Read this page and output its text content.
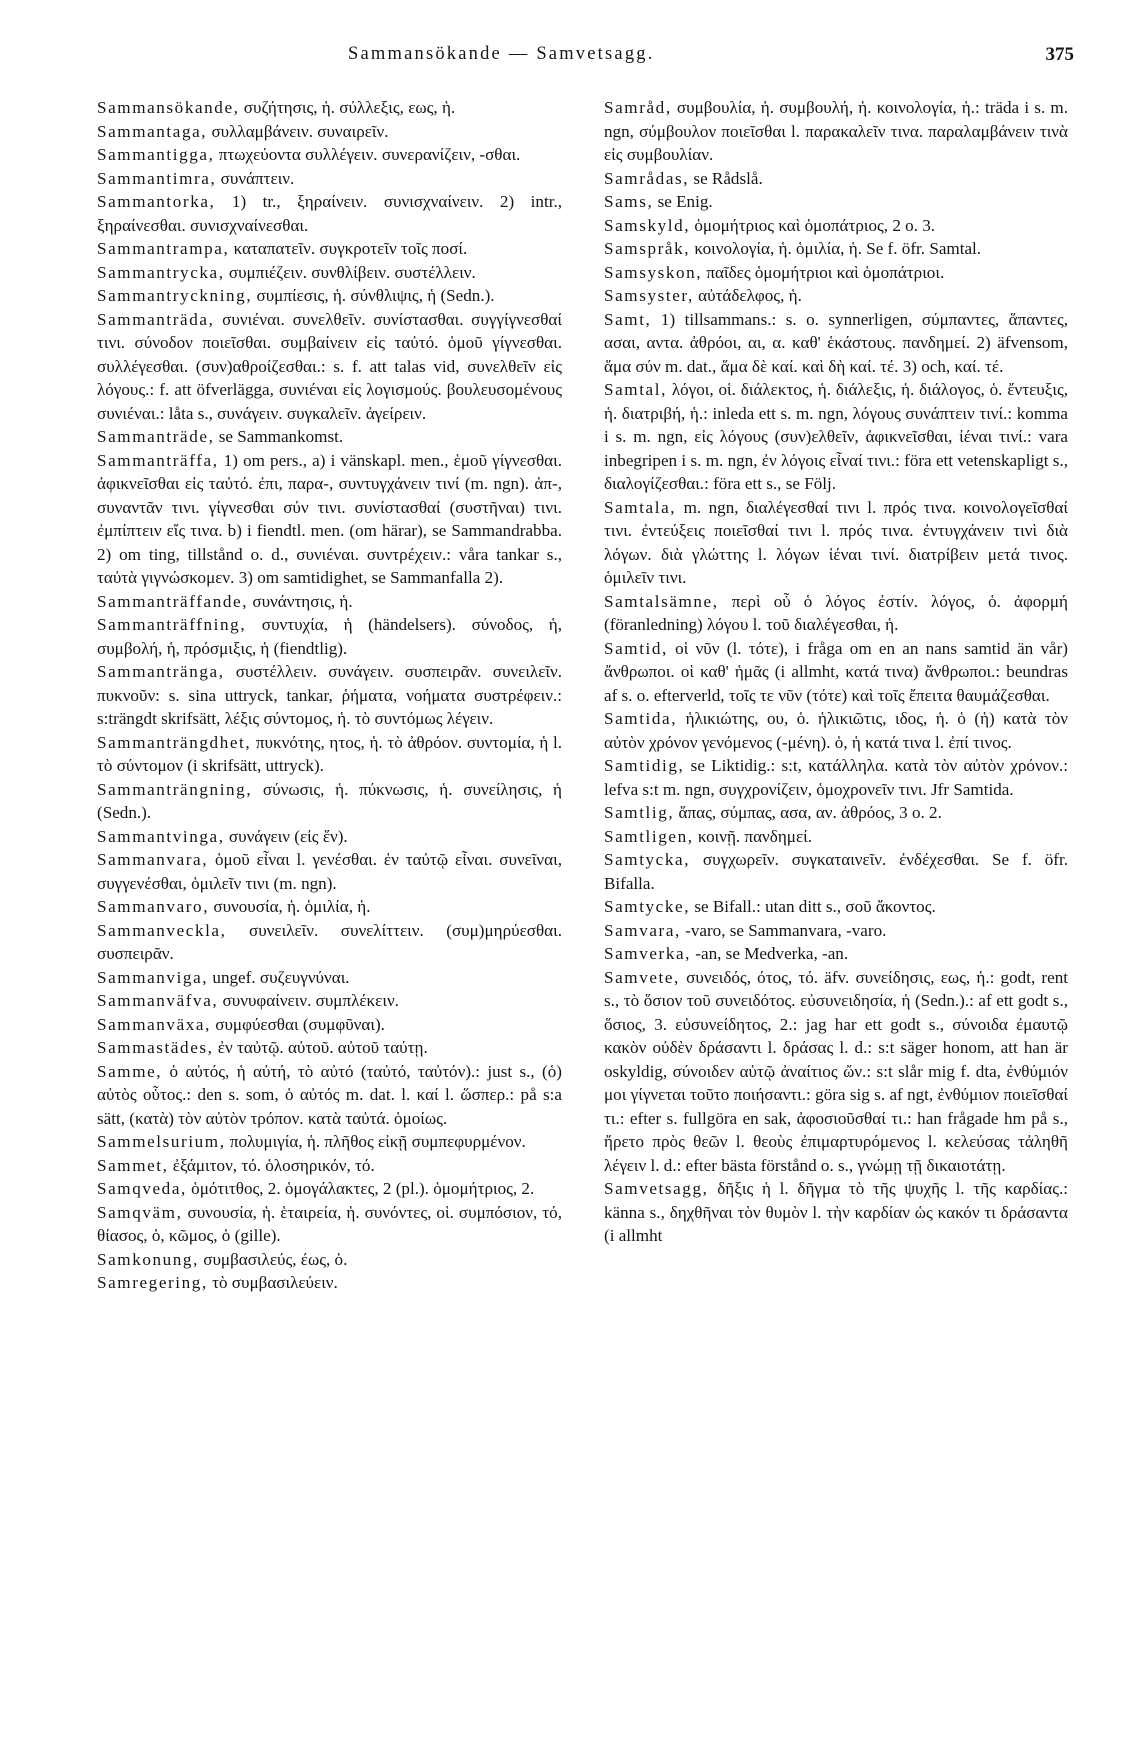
Sammansökande — Samvetsagg.	375

Sammansökande, συζήτησις, ἡ. σύλλεξις, εως, ἡ.

Sammantaga, συλλαμβάνειν. συναιρεῖν.

Sammantigga, πτωχεύοντα συλλέγειν. συνερανίζειν, -σθαι.

Sammantimra, συνάπτειν.

Sammantorka, 1) tr., ξηραίνειν. συνισχναίνειν. 2) intr., ξηραίνεσθαι. συνισχναίνεσθαι.

Sammantrampa, καταπατεῖν. συγκροτεῖν τοῖς ποσί.

Sammantrycka, συμπιέζειν. συνθλίβειν. συστέλλειν.

Sammantryckning, συμπίεσις, ἡ. σύνθλιψις, ἡ (Sedn.).

Sammanträda, συνιέναι. συνελθεῖν. συνίστασθαι. συγγίγνεσθαί τινι. σύνοδον ποιεῖσθαι. συμβαίνειν εἰς ταὐτό. ὁμοῦ γίγνεσθαι. συλλέγεσθαι. (συν)αθροίζεσθαι.: s. f. att talas vid, συνελθεῖν εἰς λόγους.: f. att öfverlägga, συνιέναι εἰς λογισμούς. βουλευσομένους συνιέναι.: låta s., συνάγειν. συγκαλεῖν. ἀγείρειν.

Sammanträde, se Sammankomst.

Sammanträffa, 1) om pers., a) i vänskapl. men., ἑμοῦ γίγνεσθαι. ἀφικνεῖσθαι εἰς ταὐτό. ἐπι, παρα-, συντυγχάνειν τινί (m. ngn). ἀπ-, συναντᾶν τινι. γίγνεσθαι σύν τινι. συνίστασθαί (συστῆναι) τινι. ἐμπίπτειν εἴς τινα. b) i fiendtl. men. (om härar), se Sammandrabba. 2) om ting, tillstånd o. d., συνιέναι. συντρέχειν.: våra tankar s., ταὐτὰ γιγνώσκομεν. 3) om samtidighet, se Sammanfalla 2).

Sammanträffande, συνάντησις, ἡ.

Sammanträffning, συντυχία, ἡ (händelsers). σύνοδος, ἡ, συμβολή, ἡ, πρόσμιξις, ἡ (fiendtlig).

Sammanträngа, συστέλλειν. συνάγειν. συσπειρᾶν. συνειλεῖν. πυκνοῦν: s. sina uttryck, tankar, ῥήματα, νοήματα συστρέφειν.: s:trängdt skrifsätt, λέξις σύντομος, ἡ. τὸ συντόμως λέγειν.

Sammanträngdhet, πυκνότης, ητος, ἡ. τὸ ἀθρόον. συντομία, ἡ l. τὸ σύντομον (i skrifsätt, uttryck).

Sammanträngning, σύνωσις, ἡ. πύκνωσις, ἡ. συνείλησις, ἡ (Sedn.).

Sammantvinga, συνάγειν (εἰς ἕν).

Sammanvara, ὁμοῦ εἶναι l. γενέσθαι. ἐν ταὐτῷ εἶναι. συνεῖναι, συγγενέσθαι, ὁμιλεῖν τινι (m. ngn).

Sammanvaro, συνουσία, ἡ. ὁμιλία, ἡ.

Sammanveckla, συνειλεῖν. συνελίττειν. (συμ)μηρύεσθαι. συσπειρᾶν.

Sammanviga, ungef. συζευγνύναι.

Sammanväfva, συνυφαίνειν. συμπλέκειν.

Sammanväxa, συμφύεσθαι (συμφῦναι).

Sammastädes, ἐν ταὐτῷ. αὐτοῦ. αὐτοῦ ταύτῃ.

Samme, ὁ αὐτός, ἡ αὐτή, τὸ αὐτό (ταὐτό, ταὐτόν).: just s., (ὁ) αὐτὸς οὗτος.: den s. som, ὁ αὐτός m. dat. l. καί l. ὥσπερ.: på s:a sätt, (κατὰ) τὸν αὐτὸν τρόπον. κατὰ ταὐτά. ὁμοίως.

Sammelsurium, πολυμιγία, ἡ. πλῆθος εἰκῇ συμπεφυρμένον.

Sammet, ἐξάμιτον, τό. ὁλοσηρικόν, τό.

Samqveda, ὁμότιτθος, 2. ὁμογάλακτες, 2 (pl.). ὁμομήτριος, 2.

Samqväm, συνουσία, ἡ. ἑταιρεία, ἡ. συνόντες, οἱ. συμπόσιον, τό, θίασος, ὁ, κῶμος, ὁ (gille).

Samkonung, συμβασιλεύς, έως, ὁ.

Samregering, τὸ συμβασιλεύειν.

Samråd, συμβουλία, ἡ. συμβουλή, ἡ. κοινολογία, ἡ.: träda i s. m. ngn, σύμβουλον ποιεῖσθαι l. παρακαλεῖν τινα. παραλαμβάνειν τινὰ εἰς συμβουλίαν.

Samrådas, se Rådslå.

Sams, se Enig.

Samskyld, ὁμομήτριος καὶ ὁμοπάτριος, 2 o. 3.

Samspråk, κοινολογία, ἡ. ὁμιλία, ἡ. Se f. öfr. Samtal.

Samsyskon, παῖδες ὁμομήτριοι καὶ ὁμοπάτριοι.

Samsyster, αὐτάδελφος, ἡ.

Samt, 1) tillsammans.: s. o. synnerligen, σύμπαντες, ἅπαντες, ασαι, αντα. ἀθρόοι, αι, α. καθ' ἑκάστους. πανδημεί. 2) äfvensom, ἅμα σύν m. dat., ἅμα δὲ καί. καὶ δὴ καί. τέ. 3) och, καί. τέ.

Samtal, λόγοι, οἱ. διάλεκτος, ἡ. διάλεξις, ἡ. διάλογος, ὁ. ἔντευξις, ἡ. διατριβή, ἡ.: inleda ett s. m. ngn, λόγους συνάπτειν τινί.: komma i s. m. ngn, εἰς λόγους (συν)ελθεῖν, ἀφικνεῖσθαι, ἰέναι τινί.: vara inbegripen i s. m. ngn, ἐν λόγοις εἶναί τινι.: föra ett vetenskapligt s., διαλογίζεσθαι.: föra ett s., se Följ.

Samtala, m. ngn, διαλέγεσθαί τινι l. πρός τινα. κοινολογεῖσθαί τινι. ἐντεύξεις ποιεῖσθαί τινι l. πρός τινα. ἐντυγχάνειν τινὶ διὰ λόγων. διὰ γλώττης l. λόγων ἰέναι τινί. διατρίβειν μετά τινος. ὁμιλεῖν τινι.

Samtalsämne, περὶ οὗ ὁ λόγος ἐστίν. λόγος, ὁ. ἀφορμή (föranledning) λόγου l. τοῦ διαλέγεσθαι, ἡ.

Samtid, οἱ νῦν (l. τότε), i fråga om en an nans samtid än vår) ἄνθρωποι. οἱ καθ' ἡμᾶς (i allmht, κατά τινα) ἄνθρωποι.: beundras af s. o. efterverld, τοῖς τε νῦν (τότε) καὶ τοῖς ἔπειτα θαυμάζεσθαι.

Samtida, ἡλικιώτης, ου, ὁ. ἡλικιῶτις, ιδος, ἡ. ὁ (ἡ) κατὰ τὸν αὐτὸν χρόνον γενόμενος (-μένη). ὁ, ἡ κατά τινα l. ἐπί τινος.

Samtidig, se Liktidig.: s:t, κατάλληλα. κατὰ τὸν αὐτὸν χρόνον.: lefva s:t m. ngn, συγχρονίζειν, ὁμοχρονεῖν τινι. Jfr Samtida.

Samtlig, ἅπας, σύμπας, ασα, αν. ἀθρόος, 3 o. 2.

Samtligen, κοινῇ. πανδημεί.

Samtycka, συγχωρεῖν. συγκαταινεῖν. ἐνδέχεσθαι. Se f. öfr. Bifalla.

Samtycke, se Bifall.: utan ditt s., σοῦ ἄκοντος.

Samvara, -varo, se Sammanvara, -varo.

Samverka, -an, se Medverka, -an.

Samvete, συνειδός, ότος, τό. äfv. συνείδησις, εως, ἡ.: godt, rent s., τὸ ὅσιον τοῦ συνειδότος. εὐσυνειδησία, ἡ (Sedn.).: af ett godt s., ὅσιος, 3. εὐσυνείδητος, 2.: jag har ett godt s., σύνοιδα ἐμαυτῷ κακὸν οὐδὲν δράσαντι l. δράσας l. d.: s:t säger honom, att han är oskyldig, σύνοιδεν αὑτῷ ἀναίτιος ὤν.: s:t slår mig f. dta, ἐνθύμιόν μοι γίγνεται τοῦτο ποιήσαντι.: göra sig s. af ngt, ἐνθύμιον ποιεῖσθαί τι.: efter s. fullgöra en sak, ἀφοσιοῦσθαί τι.: han frågade hm på s., ἤρετο πρὸς θεῶν l. θεοὺς ἐπιμαρτυρόμενος l. κελεύσας τἀληθῆ λέγειν l. d.: efter bästa förstånd o. s., γνώμῃ τῇ δικαιοτάτῃ.

Samvetsagg, δῆξις ἡ l. δῆγμα τὸ τῆς ψυχῆς l. τῆς καρδίας.: känna s., δηχθῆναι τὸν θυμὸν l. τὴν καρδίαν ὡς κακόν τι δράσαντα (i allmht
